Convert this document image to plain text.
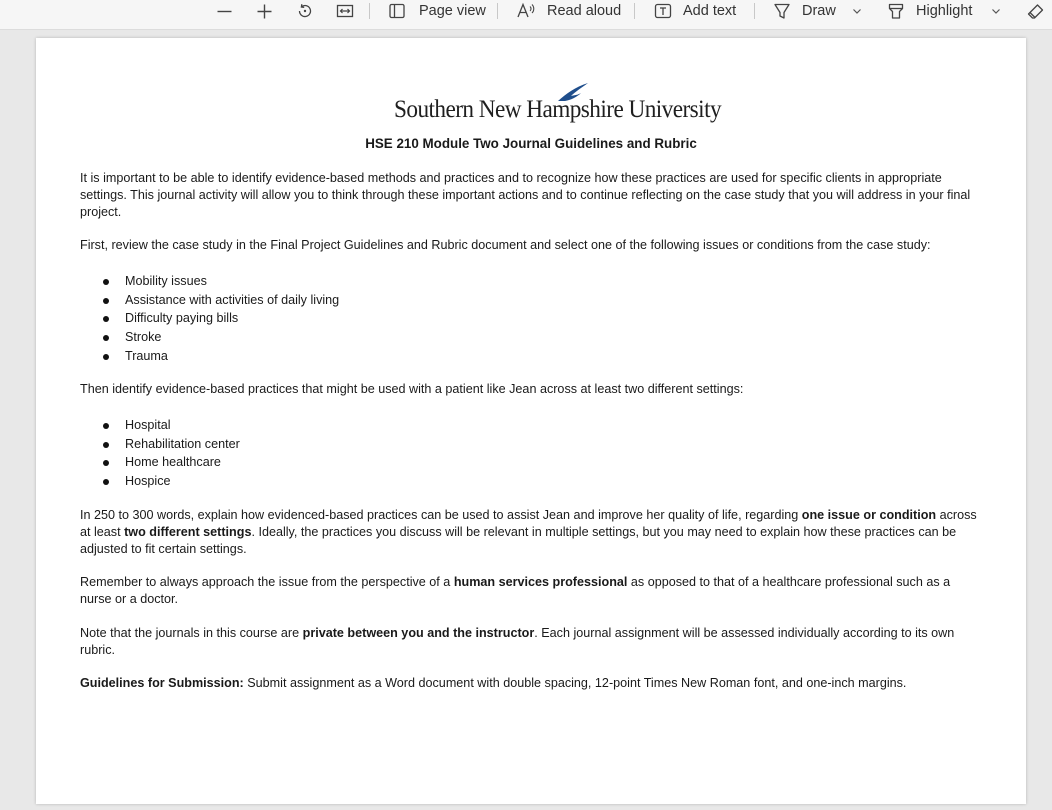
Page view	Read aloud	Add text	Draw	Highlight
Southern New Hampshire University
HSE 210 Module Two Journal Guidelines and Rubric

It is important to be able to identify evidence-based methods and practices and to recognize how these practices are used for specific clients in appropriate settings. This journal activity will allow you to think through these important actions and to continue reflecting on the case study that you will address in your final project.

First, review the case study in the Final Project Guidelines and Rubric document and select one of the following issues or conditions from the case study:

Mobility issues
Assistance with activities of daily living
Difficulty paying bills
Stroke
Trauma

Then identify evidence-based practices that might be used with a patient like Jean across at least two different settings:

Hospital
Rehabilitation center
Home healthcare
Hospice

In 250 to 300 words, explain how evidenced-based practices can be used to assist Jean and improve her quality of life, regarding one issue or condition across at least two different settings. Ideally, the practices you discuss will be relevant in multiple settings, but you may need to explain how these practices can be adjusted to fit certain settings.

Remember to always approach the issue from the perspective of a human services professional as opposed to that of a healthcare professional such as a nurse or a doctor.

Note that the journals in this course are private between you and the instructor. Each journal assignment will be assessed individually according to its own rubric.

Guidelines for Submission: Submit assignment as a Word document with double spacing, 12-point Times New Roman font, and one-inch margins.
